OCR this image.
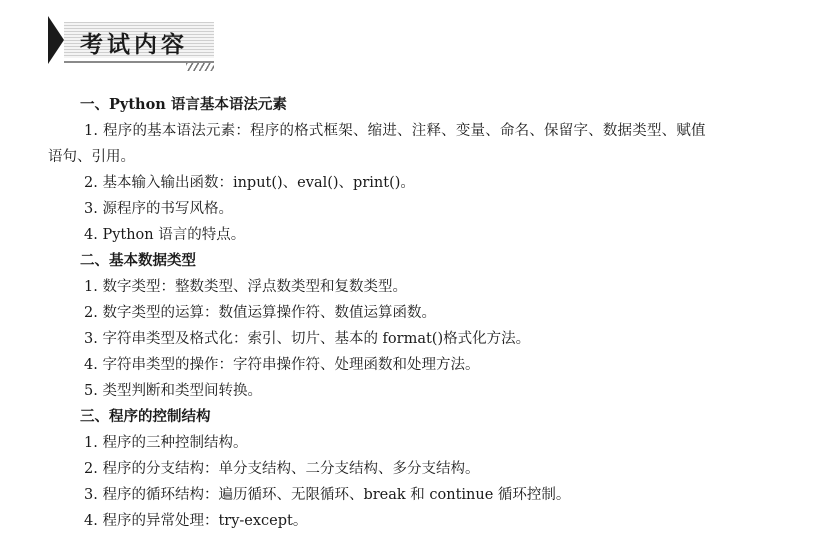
考试内容
一、Python 语言基本语法元素
1. 程序的基本语法元素：程序的格式框架、缩进、注释、变量、命名、保留字、数据类型、赋值
语句、引用。
2. 基本输入输出函数：input()、eval()、print()。
3. 源程序的书写风格。
4. Python 语言的特点。
二、基本数据类型
1. 数字类型：整数类型、浮点数类型和复数类型。
2. 数字类型的运算：数值运算操作符、数值运算函数。
3. 字符串类型及格式化：索引、切片、基本的 format()格式化方法。
4. 字符串类型的操作：字符串操作符、处理函数和处理方法。
5. 类型判断和类型间转换。
三、程序的控制结构
1. 程序的三种控制结构。
2. 程序的分支结构：单分支结构、二分支结构、多分支结构。
3. 程序的循环结构：遍历循环、无限循环、break 和 continue 循环控制。
4. 程序的异常处理：try-except。
